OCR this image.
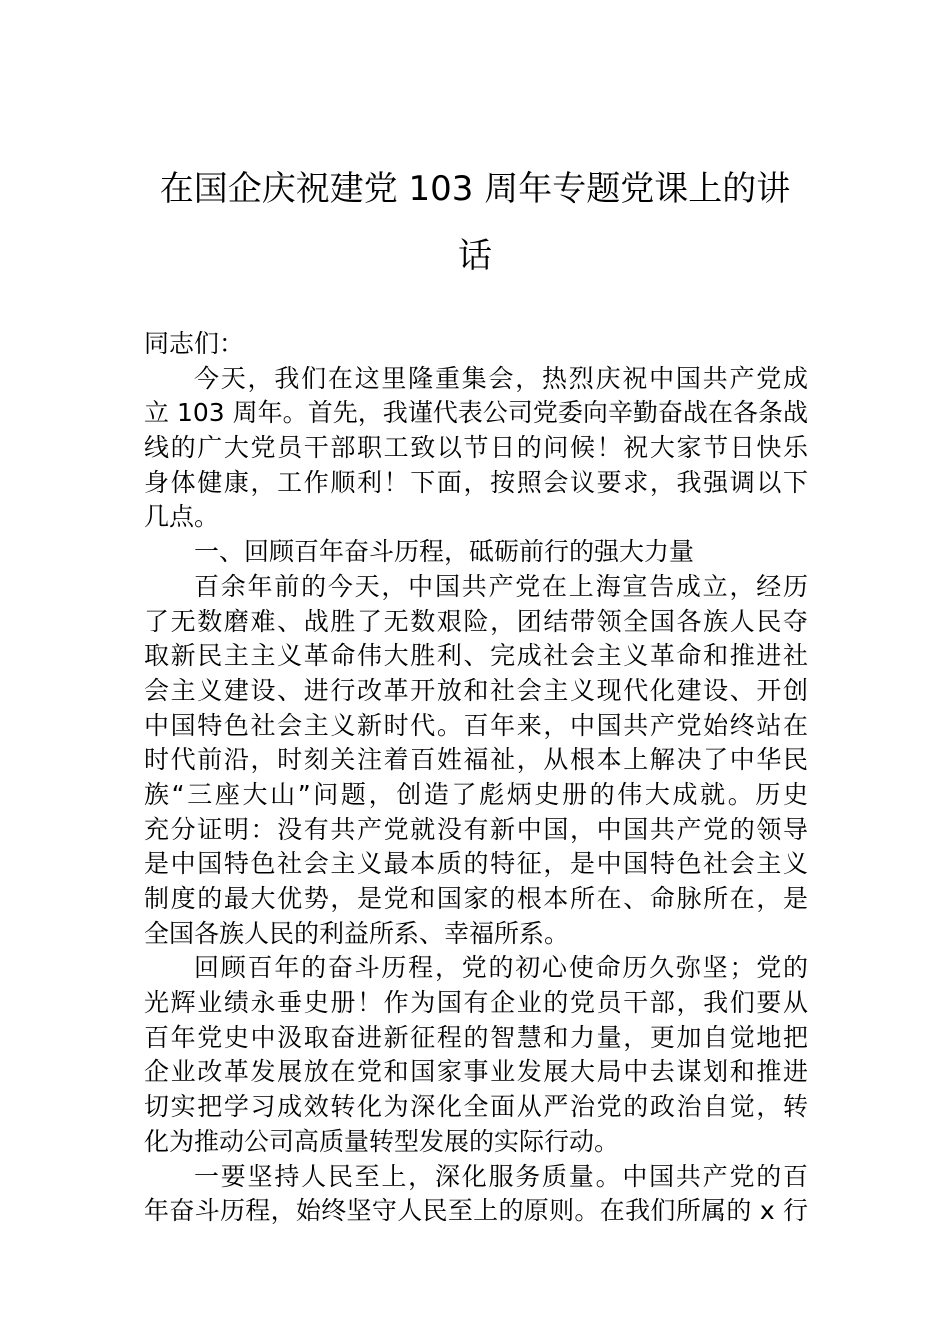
在国企庆祝建党 103 周年专题党课上的讲
话
同志们：
今天，我们在这里隆重集会，热烈庆祝中国共产党成
立 103 周年。首先，我谨代表公司党委向辛勤奋战在各条战
线的广大党员干部职工致以节日的问候！祝大家节日快乐
身体健康，工作顺利！下面，按照会议要求，我强调以下
几点。
一、回顾百年奋斗历程，砥砺前行的强大力量
百余年前的今天，中国共产党在上海宣告成立，经历
了无数磨难、战胜了无数艰险，团结带领全国各族人民夺
取新民主主义革命伟大胜利、完成社会主义革命和推进社
会主义建设、进行改革开放和社会主义现代化建设、开创
中国特色社会主义新时代。百年来，中国共产党始终站在
时代前沿，时刻关注着百姓福祉，从根本上解决了中华民
族“三座大山”问题，创造了彪炳史册的伟大成就。历史
充分证明：没有共产党就没有新中国，中国共产党的领导
是中国特色社会主义最本质的特征，是中国特色社会主义
制度的最大优势，是党和国家的根本所在、命脉所在，是
全国各族人民的利益所系、幸福所系。
回顾百年的奋斗历程，党的初心使命历久弥坚；党的
光辉业绩永垂史册！作为国有企业的党员干部，我们要从
百年党史中汲取奋进新征程的智慧和力量，更加自觉地把
企业改革发展放在党和国家事业发展大局中去谋划和推进
切实把学习成效转化为深化全面从严治党的政治自觉，转
化为推动公司高质量转型发展的实际行动。
一要坚持人民至上，深化服务质量。中国共产党的百
年奋斗历程，始终坚守人民至上的原则。在我们所属的 x 行
